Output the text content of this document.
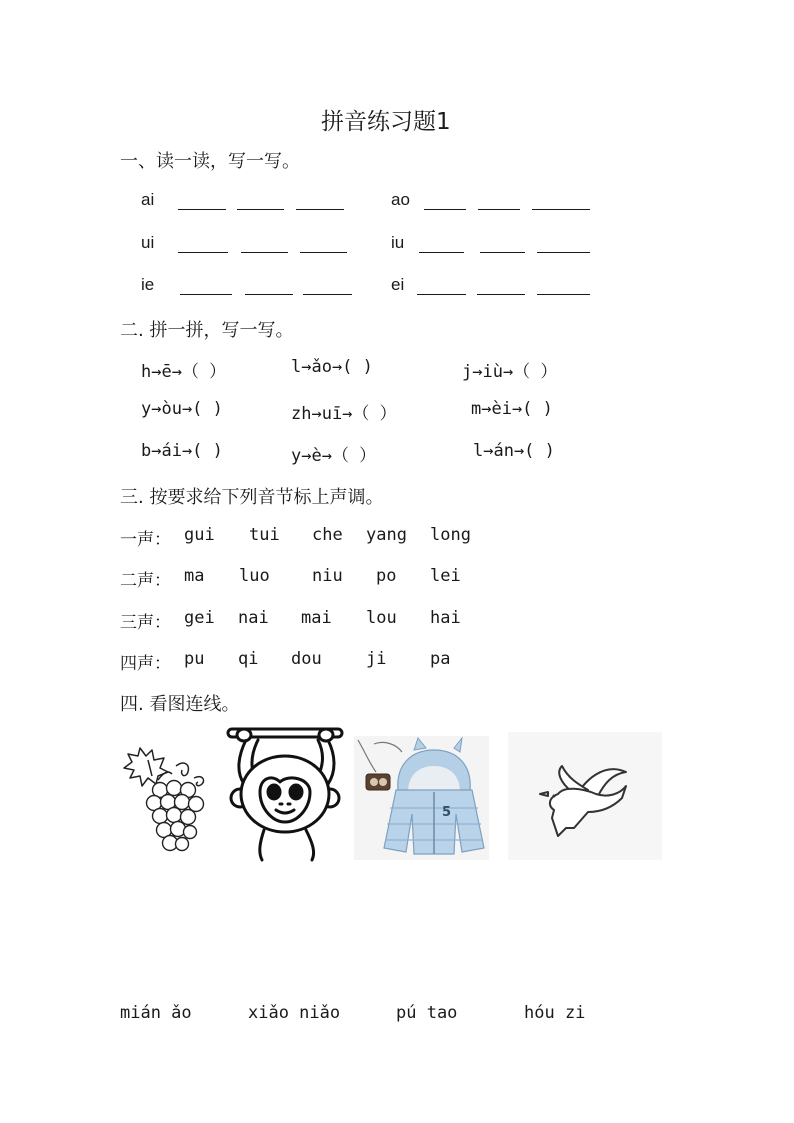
拼音练习题1
一、读一读，写一写。
ai	ao
ui	iu
ie	ei
二. 拼一拼，写一写。
h→ē→（ ）	l→ǎo→( )	j→iù→（ ）
y→òu→( )	zh→uī→（ ）	m→èi→( )
b→ái→( )	y→è→（ ）	l→án→( )
三. 按要求给下列音节标上声调。
一声： gui tui che yang long
二声： ma luo niu po lei
三声： gei nai mai lou hai
四声： pu qi dou	ji	pa
四. 看图连线。
5
mián ǎo	xiǎo niǎo	pú tao	hóu zi
